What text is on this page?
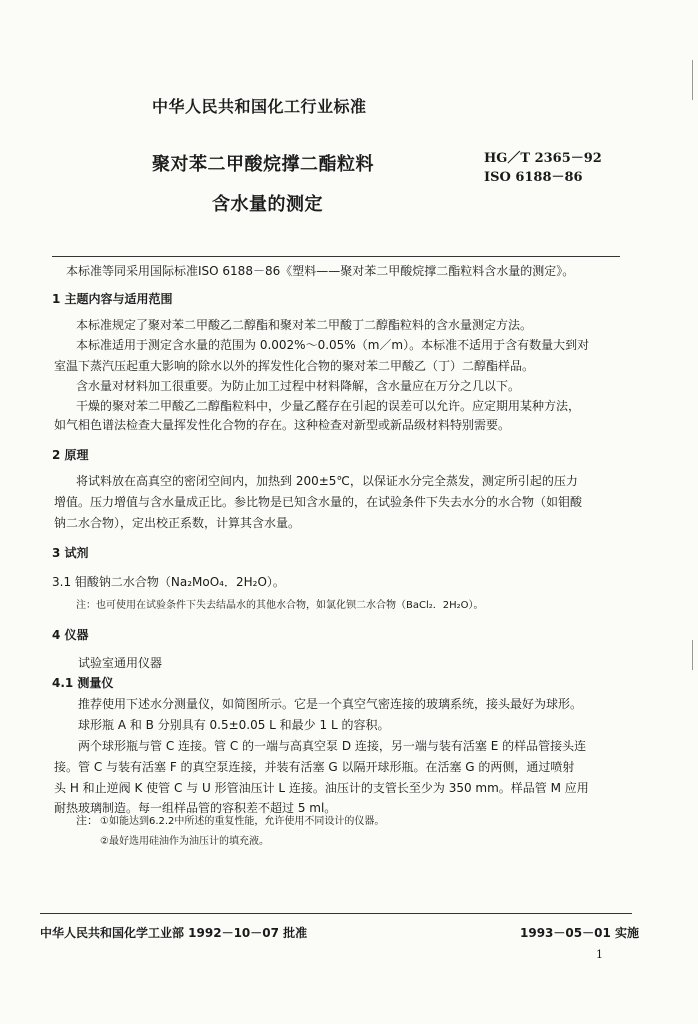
中华人民共和国化工行业标准
聚对苯二甲酸烷撑二酯粒料
含水量的测定
HG／T 2365－92
ISO 6188－86
本标准等同采用国际标准ISO 6188－86《塑料——聚对苯二甲酸烷撑二酯粒料含水量的测定》。
1 主题内容与适用范围
本标准规定了聚对苯二甲酸乙二醇酯和聚对苯二甲酸丁二醇酯粒料的含水量测定方法。
本标准适用于测定含水量的范围为 0.002%～0.05%（m／m）。本标准不适用于含有数量大到对
室温下蒸汽压起重大影响的除水以外的挥发性化合物的聚对苯二甲酸乙（丁）二醇酯样品。
含水量对材料加工很重要。为防止加工过程中材料降解，含水量应在万分之几以下。
干燥的聚对苯二甲酸乙二醇酯粒料中，少量乙醛存在引起的误差可以允许。应定期用某种方法，
如气相色谱法检查大量挥发性化合物的存在。这种检查对新型或新品级材料特别需要。
2 原理
将试料放在高真空的密闭空间内，加热到 200±5℃，以保证水分完全蒸发，测定所引起的压力
增值。压力增值与含水量成正比。参比物是已知含水量的，在试验条件下失去水分的水合物（如钼酸
钠二水合物），定出校正系数，计算其含水量。
3 试剂
3.1 钼酸钠二水合物（Na₂MoO₄．2H₂O）。
注：也可使用在试验条件下失去结晶水的其他水合物，如氯化钡二水合物（BaCl₂．2H₂O）。
4 仪器
试验室通用仪器
4.1 测量仪
推荐使用下述水分测量仪，如简图所示。它是一个真空气密连接的玻璃系统，接头最好为球形。
球形瓶 A 和 B 分别具有 0.5±0.05 L 和最少 1 L 的容积。
两个球形瓶与管 C 连接。管 C 的一端与高真空泵 D 连接，另一端与装有活塞 E 的样品管接头连
接。管 C 与装有活塞 F 的真空泵连接，并装有活塞 G 以隔开球形瓶。在活塞 G 的两侧，通过喷射
头 H 和止逆阀 K 使管 C 与 U 形管油压计 L 连接。油压计的支管长至少为 350 mm。样品管 M 应用
耐热玻璃制造。每一组样品管的容积差不超过 5 ml。
注： ①如能达到6.2.2中所述的重复性能，允许使用不同设计的仪器。
②最好选用硅油作为油压计的填充液。
中华人民共和国化学工业部 1992－10－07 批准	1993－05－01 实施
1
